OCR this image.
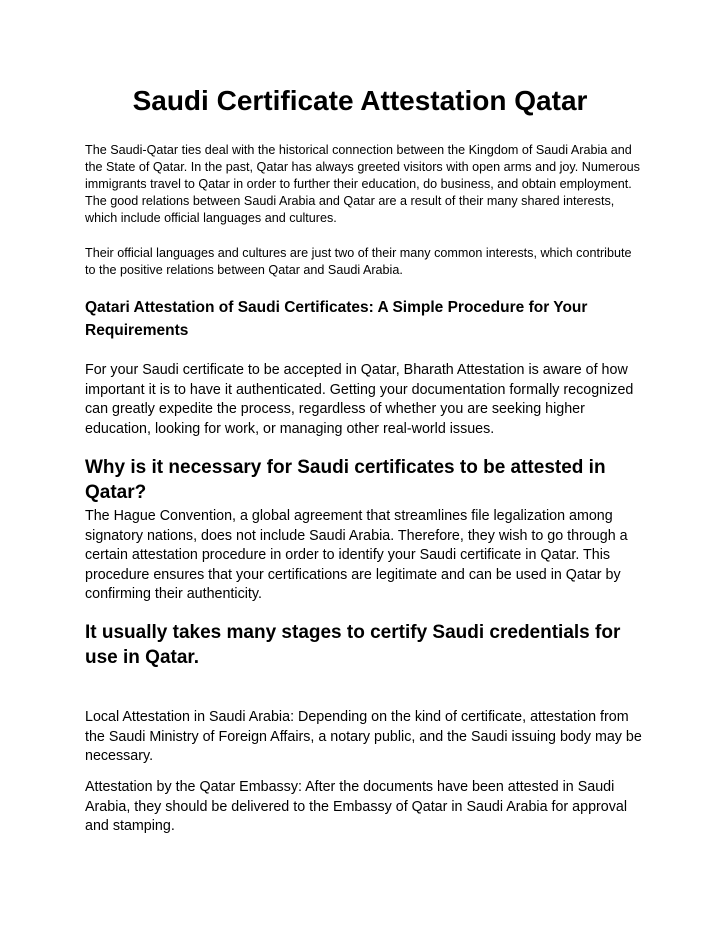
Saudi Certificate Attestation Qatar

The Saudi-Qatar ties deal with the historical connection between the Kingdom of Saudi Arabia and the State of Qatar. In the past, Qatar has always greeted visitors with open arms and joy. Numerous immigrants travel to Qatar in order to further their education, do business, and obtain employment. The good relations between Saudi Arabia and Qatar are a result of their many shared interests, which include official languages and cultures.

Their official languages and cultures are just two of their many common interests, which contribute to the positive relations between Qatar and Saudi Arabia.

Qatari Attestation of Saudi Certificates: A Simple Procedure for Your Requirements

For your Saudi certificate to be accepted in Qatar, Bharath Attestation is aware of how important it is to have it authenticated. Getting your documentation formally recognized can greatly expedite the process, regardless of whether you are seeking higher education, looking for work, or managing other real-world issues.

Why is it necessary for Saudi certificates to be attested in Qatar?

The Hague Convention, a global agreement that streamlines file legalization among signatory nations, does not include Saudi Arabia. Therefore, they wish to go through a certain attestation procedure in order to identify your Saudi certificate in Qatar. This procedure ensures that your certifications are legitimate and can be used in Qatar by confirming their authenticity.

It usually takes many stages to certify Saudi credentials for use in Qatar.

Local Attestation in Saudi Arabia: Depending on the kind of certificate, attestation from the Saudi Ministry of Foreign Affairs, a notary public, and the Saudi issuing body may be necessary.

Attestation by the Qatar Embassy: After the documents have been attested in Saudi Arabia, they should be delivered to the Embassy of Qatar in Saudi Arabia for approval and stamping.
